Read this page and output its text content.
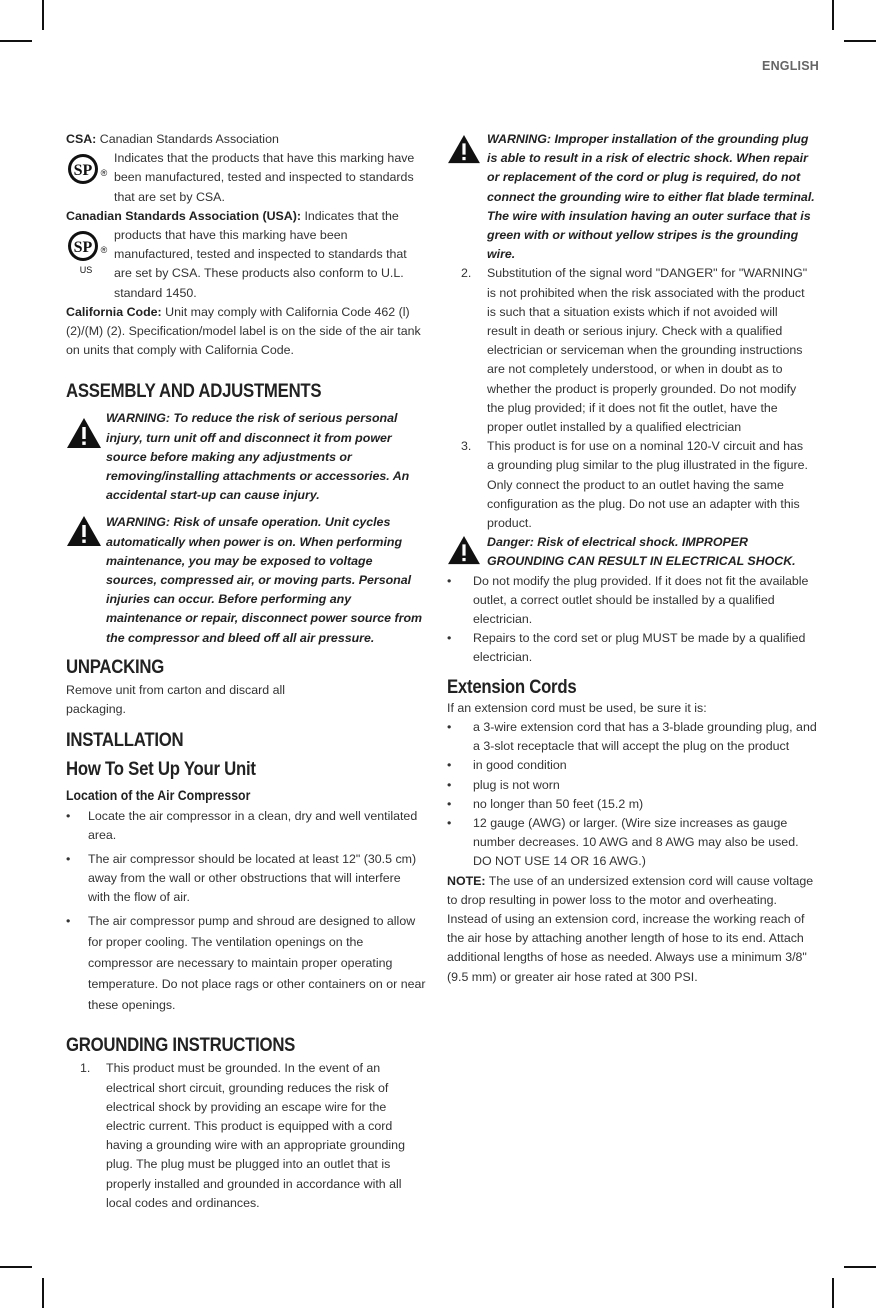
ENGLISH

CSA: Canadian Standards Association

SP ®

Indicates that the products that have this marking have been manufactured, tested and inspected to standards that are set by CSA.

Canadian Standards Association (USA): Indicates that the

SP ®
US

products that have this marking have been manufactured, tested and inspected to standards that are set by CSA. These products also conform to U.L. standard 1450.

California Code: Unit may comply with California Code 462 (l) (2)/(M) (2). Specification/model label is on the side of the air tank on units that comply with California Code.

ASSEMBLY AND ADJUSTMENTS
WARNING: To reduce the risk of serious personal injury, turn unit off and disconnect it from power source before making any adjustments or removing/installing attachments or accessories. An accidental start-up can cause injury.
WARNING: Risk of unsafe operation. Unit cycles automatically when power is on. When performing maintenance, you may be exposed to voltage sources, compressed air, or moving parts. Personal injuries can occur. Before performing any maintenance or repair, disconnect power source from the compressor and bleed off all air pressure.
UNPACKING

Remove unit from carton and discard all packaging.

INSTALLATION
How To Set Up Your Unit
Location of the Air Compressor
•	Locate the air compressor in a clean, dry and well ventilated area.
•	The air compressor should be located at least 12" (30.5 cm) away from the wall or other obstructions that will interfere with the flow of air.
•	The air compressor pump and shroud are designed to allow for proper cooling. The ventilation openings on the compressor are necessary to maintain proper operating temperature. Do not place rags or other containers on or near these openings.
GROUNDING INSTRUCTIONS
1.	This product must be grounded. In the event of an electrical short circuit, grounding reduces the risk of electrical shock by providing an escape wire for the electric current. This product is equipped with a cord having a grounding wire with an appropriate grounding plug. The plug must be plugged into an outlet that is properly installed and grounded in accordance with all local codes and ordinances.
WARNING: Improper installation of the grounding plug is able to result in a risk of electric shock. When repair or replacement of the cord or plug is required, do not connect the grounding wire to either flat blade terminal. The wire with insulation having an outer surface that is green with or without yellow stripes is the grounding wire.
2.	Substitution of the signal word "DANGER" for "WARNING" is not prohibited when the risk associated with the product is such that a situation exists which if not avoided will result in death or serious injury. Check with a qualified electrician or serviceman when the grounding instructions are not completely understood, or when in doubt as to whether the product is properly grounded. Do not modify the plug provided; if it does not fit the outlet, have the proper outlet installed by a qualified electrician
3.	This product is for use on a nominal 120-V circuit and has a grounding plug similar to the plug illustrated in the figure. Only connect the product to an outlet having the same configuration as the plug. Do not use an adapter with this product.
Danger: Risk of electrical shock. IMPROPER GROUNDING CAN RESULT IN ELECTRICAL SHOCK.
•	Do not modify the plug provided. If it does not fit the available outlet, a correct outlet should be installed by a qualified electrician.
•	Repairs to the cord set or plug MUST be made by a qualified electrician.
Extension Cords

If an extension cord must be used, be sure it is:

•	a 3-wire extension cord that has a 3-blade grounding plug, and a 3-slot receptacle that will accept the plug on the product
•	in good condition
•	plug is not worn
•	no longer than 50 feet (15.2 m)
•	12 gauge (AWG) or larger. (Wire size increases as gauge number decreases. 10 AWG and 8 AWG may also be used. DO NOT USE 14 OR 16 AWG.)

NOTE: The use of an undersized extension cord will cause voltage to drop resulting in power loss to the motor and overheating. Instead of using an extension cord, increase the working reach of the air hose by attaching another length of hose to its end. Attach additional lengths of hose as needed. Always use a minimum 3/8" (9.5 mm) or greater air hose rated at 300 PSI.
